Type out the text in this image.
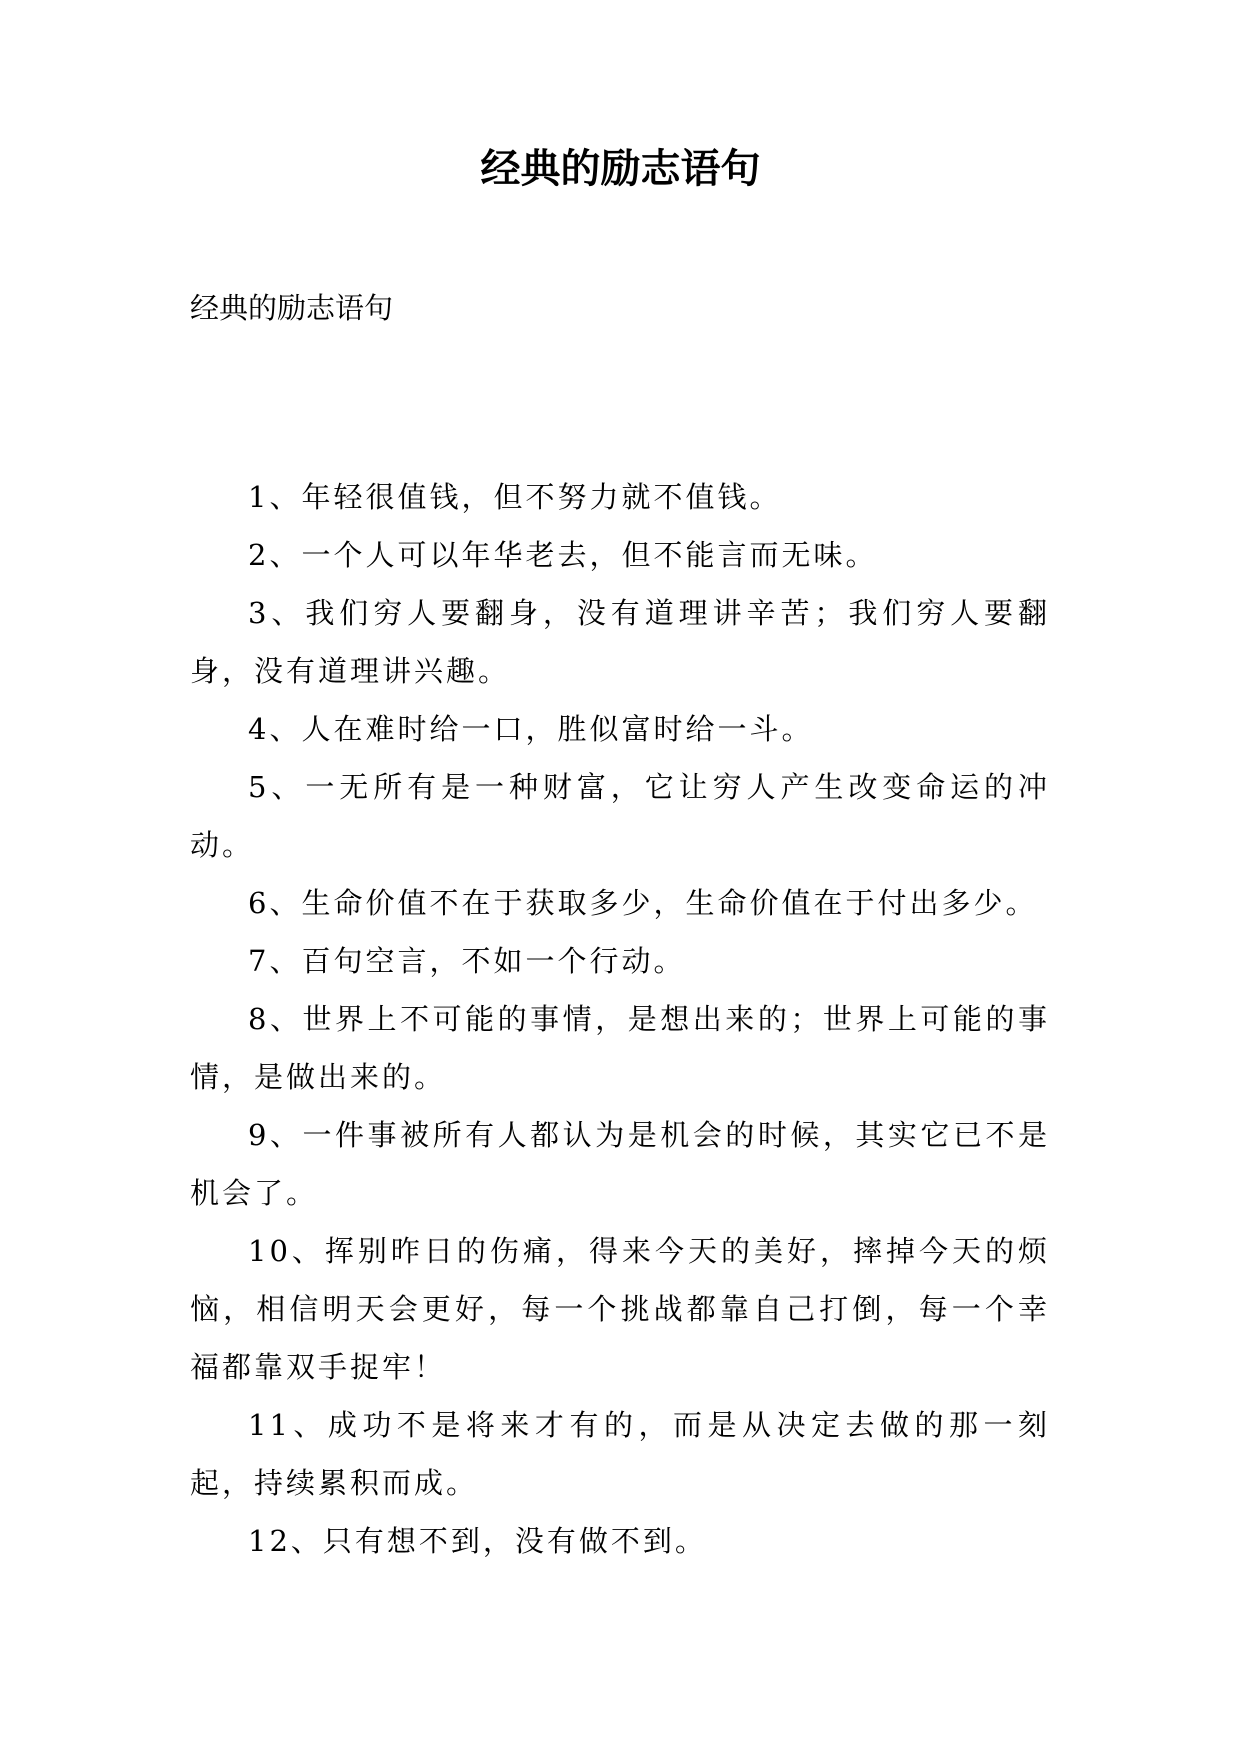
经典的励志语句

经典的励志语句

1、年轻很值钱，但不努力就不值钱。

2、一个人可以年华老去，但不能言而无味。

3、我们穷人要翻身，没有道理讲辛苦；我们穷人要翻身，没有道理讲兴趣。

4、人在难时给一口，胜似富时给一斗。

5、一无所有是一种财富，它让穷人产生改变命运的冲动。

6、生命价值不在于获取多少，生命价值在于付出多少。

7、百句空言，不如一个行动。

8、世界上不可能的事情，是想出来的；世界上可能的事情，是做出来的。

9、一件事被所有人都认为是机会的时候，其实它已不是机会了。

10、挥别昨日的伤痛，得来今天的美好，摔掉今天的烦恼，相信明天会更好，每一个挑战都靠自己打倒，每一个幸福都靠双手捉牢！

11、成功不是将来才有的，而是从决定去做的那一刻起，持续累积而成。

12、只有想不到，没有做不到。
